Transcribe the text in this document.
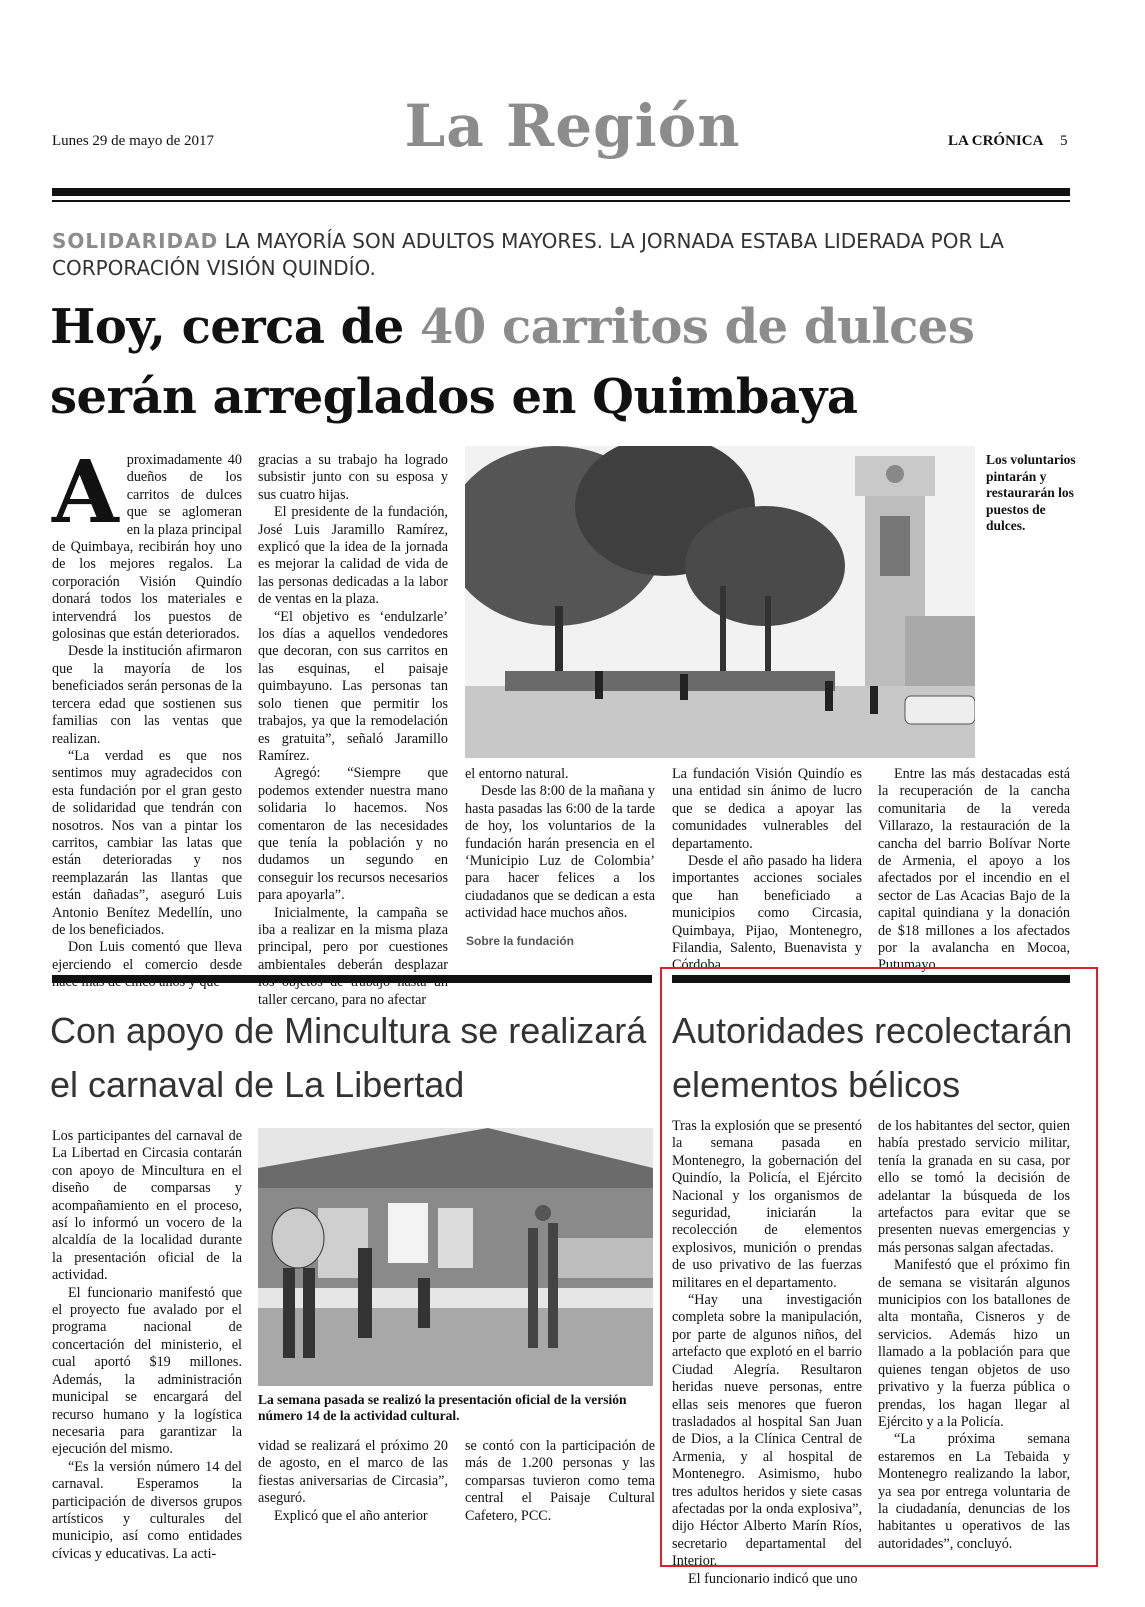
Lunes 29 de mayo de 2017	La Región	LA CRÓNICA 5
SOLIDARIDAD LA MAYORÍA SON ADULTOS MAYORES. LA JORNADA ESTABA LIDERADA POR LA CORPORACIÓN VISIÓN QUINDÍO.
Hoy, cerca de 40 carritos de dulces
serán arreglados en Quimbaya
A proximadamente 40 dueños de los carritos de dulces que se aglomeran en la plaza principal de Quimbaya, recibirán hoy uno de los mejores regalos. La corporación Visión Quindío donará todos los materiales e intervendrá los puestos de golosinas que están deteriorados.

Desde la institución afirmaron que la mayoría de los beneficiados serán personas de la tercera edad que sostienen sus familias con las ventas que realizan.

“La verdad es que nos sentimos muy agradecidos con esta fundación por el gran gesto de solidaridad que tendrán con nosotros. Nos van a pintar los carritos, cambiar las latas que están deterioradas y nos reemplazarán las llantas que están dañadas”, aseguró Luis Antonio Benítez Medellín, uno de los beneficiados.

Don Luis comentó que lleva ejerciendo el comercio desde

gracias a su trabajo ha logrado subsistir junto con su esposa y sus cuatro hijas.

El presidente de la fundación, José Luis Jaramillo Ramírez, explicó que la idea de la jornada es mejorar la calidad de vida de las personas dedicadas a la labor de ventas en la plaza.

“El objetivo es ‘endulzarle’ los días a aquellos vendedores que decoran, con sus carritos en las esquinas, el paisaje quimbayuno. Las personas tan solo tienen que permitir los trabajos, ya que la remodelación es gratuita”, señaló Jaramillo Ramírez.

Agregó: “Siempre que podemos extender nuestra mano solidaria lo hacemos. Nos comentaron de las necesidades que tenía la población y no dudamos un segundo en conseguir los recursos necesarios para apoyarla”.

Inicialmente, la campaña se iba a realizar en la misma plaza principal, pero por cuestiones ambientales deberán desplazar taller cercano, para no afectar

Los voluntarios pintarán y restaurarán los puestos de dulces.

el entorno natural.

Desde las 8:00 de la mañana y hasta pasadas las 6:00 de la tarde de hoy, los voluntarios de la fundación harán presencia en el ‘Municipio Luz de Colombia’ para hacer felices a los ciudadanos que se dedican a esta actividad hace muchos años.

Sobre la fundación

La fundación Visión Quindío es una entidad sin ánimo de lucro que se dedica a apoyar las comunidades vulnerables del departamento.

Desde el año pasado ha lidera importantes acciones sociales que han beneficiado a municipios como Circasia, Quimbaya, Pijao, Montenegro, Filandia, Salento, Buenavista y Córdoba.

Entre las más destacadas está la recuperación de la cancha comunitaria de la vereda Villarazo, la restauración de la cancha del barrio Bolívar Norte de Armenia, el apoyo a los afectados por el incendio en el sector de Las Acacias Bajo de la capital quindiana y la donación de $18 millones a los afectados por la avalancha en Mocoa, Putumayo.

Con apoyo de Mincultura se realizará el carnaval de La Libertad

Los participantes del carnaval de La Libertad en Circasia contarán con apoyo de Mincultura en el diseño de comparsas y acompañamiento en el proceso, así lo informó un vocero de la alcaldía de la localidad durante la presentación oficial de la actividad.

El funcionario manifestó que el proyecto fue avalado por el programa nacional de concertación del ministerio, el cual aportó $19 millones. Además, la administración municipal se encargará del recurso humano y la logística necesaria para garantizar la ejecución del mismo.

“Es la versión número 14 del carnaval. Esperamos la participación de diversos grupos artísticos y culturales del municipio, así como entidades cívicas y educativas. La acti-

La semana pasada se realizó la presentación oficial de la versión número 14 de la actividad cultural.

vidad se realizará el próximo 20 de agosto, en el marco de las fiestas aniversarias de Circasia”, aseguró.

Explicó que el año anterior

se contó con la participación de más de 1.200 personas y las comparsas tuvieron como tema central el Paisaje Cultural Cafetero, PCC.

Autoridades recolectarán elementos bélicos

Tras la explosión que se presentó la semana pasada en Montenegro, la gobernación del Quindío, la Policía, el Ejército Nacional y los organismos de seguridad, iniciarán la recolección de elementos explosivos, munición o prendas de uso privativo de las fuerzas militares en el departamento.

“Hay una investigación completa sobre la manipulación, por parte de algunos niños, del artefacto que explotó en el barrio Ciudad Alegría. Resultaron heridas nueve personas, entre ellas seis menores que fueron trasladados al hospital San Juan de Dios, a la Clínica Central de Armenia, y al hospital de Montenegro. Asimismo, hubo tres adultos heridos y siete casas afectadas por la onda explosiva”, dijo Héctor Alberto Marín Ríos, secretario departamental del Interior.

El funcionario indicó que uno

de los habitantes del sector, quien había prestado servicio militar, tenía la granada en su casa, por ello se tomó la decisión de adelantar la búsqueda de los artefactos para evitar que se presenten nuevas emergencias y más personas salgan afectadas.

Manifestó que el próximo fin de semana se visitarán algunos municipios con los batallones de alta montaña, Cisneros y de servicios. Además hizo un llamado a la población para que quienes tengan objetos de uso privativo y la fuerza pública o prendas, los hagan llegar al Ejército y a la Policía.

“La próxima semana estaremos en La Tebaida y Montenegro realizando la labor, ya sea por entrega voluntaria de la ciudadanía, denuncias de los habitantes u operativos de las autoridades”, concluyó.
